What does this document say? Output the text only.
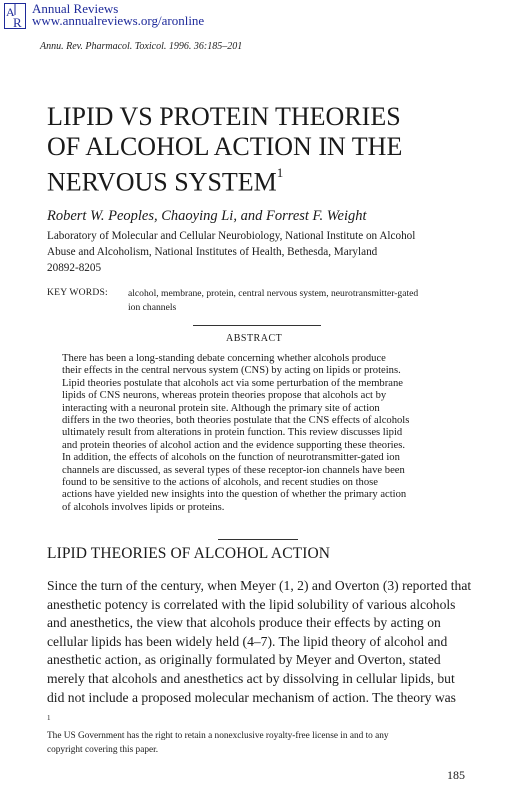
A
R
Annual Reviews
www.annualreviews.org/aronline
Annu. Rev. Pharmacol. Toxicol. 1996. 36:185–201
LIPID VS PROTEIN THEORIES
OF ALCOHOL ACTION IN THE
NERVOUS SYSTEM$^1$
Robert W. Peoples, Chaoying Li, and Forrest F. Weight
Laboratory of Molecular and Cellular Neurobiology, National Institute on Alcohol
Abuse and Alcoholism, National Institutes of Health, Bethesda, Maryland
20892-8205
KEY WORDS: alcohol, membrane, protein, central nervous system, neurotransmitter-gated
ion channels
ABSTRACT
There has been a long-standing debate concerning whether alcohols produce
their effects in the central nervous system (CNS) by acting on lipids or proteins.
Lipid theories postulate that alcohols act via some perturbation of the membrane
lipids of CNS neurons, whereas protein theories propose that alcohols act by
interacting with a neuronal protein site. Although the primary site of action
differs in the two theories, both theories postulate that the CNS effects of alcohols
ultimately result from alterations in protein function. This review discusses lipid
and protein theories of alcohol action and the evidence supporting these theories.
In addition, the effects of alcohols on the function of neurotransmitter-gated ion
channels are discussed, as several types of these receptor-ion channels have been
found to be sensitive to the actions of alcohols, and recent studies on those
actions have yielded new insights into the question of whether the primary action
of alcohols involves lipids or proteins.
LIPID THEORIES OF ALCOHOL ACTION
Since the turn of the century, when Meyer (1, 2) and Overton (3) reported that
anesthetic potency is correlated with the lipid solubility of various alcohols
and anesthetics, the view that alcohols produce their effects by acting on
cellular lipids has been widely held (4–7). The lipid theory of alcohol and
anesthetic action, as originally formulated by Meyer and Overton, stated
merely that alcohols and anesthetics act by dissolving in cellular lipids, but
did not include a proposed molecular mechanism of action. The theory was
$^1$
The US Government has the right to retain a nonexclusive royalty-free license in and to any
copyright covering this paper.
185
